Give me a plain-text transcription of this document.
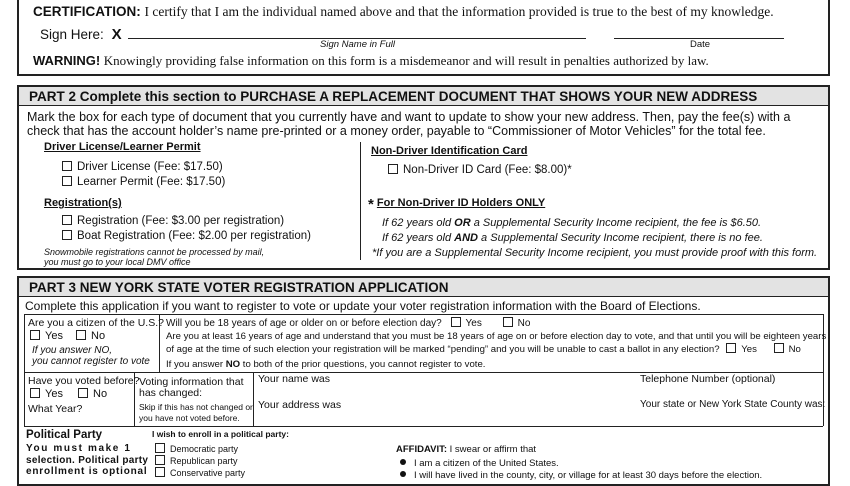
CERTIFICATION: I certify that I am the individual named above and that the information provided is true to the best of my knowledge.
Sign Here: X
Sign Name in Full	Date
WARNING! Knowingly providing false information on this form is a misdemeanor and will result in penalties authorized by law.
PART 2 Complete this section to PURCHASE A REPLACEMENT DOCUMENT THAT SHOWS YOUR NEW ADDRESS
Mark the box for each type of document that you currently have and want to update to show your new address. Then, pay the fee(s) with a
check that has the account holder’s name pre-printed or a money order, payable to “Commissioner of Motor Vehicles” for the total fee.
Driver License/Learner Permit
Driver License (Fee: $17.50)
Learner Permit (Fee: $17.50)
Registration(s)
Registration (Fee: $3.00 per registration)
Boat Registration (Fee: $2.00 per registration)
Snowmobile registrations cannot be processed by mail,
you must go to your local DMV office
Non-Driver Identification Card
Non-Driver ID Card (Fee: $8.00)*
* For Non-Driver ID Holders ONLY
If 62 years old OR a Supplemental Security Income recipient, the fee is $6.50.
If 62 years old AND a Supplemental Security Income recipient, there is no fee.
*If you are a Supplemental Security Income recipient, you must provide proof with this form.
PART 3 NEW YORK STATE VOTER REGISTRATION APPLICATION
Complete this application if you want to register to vote or update your voter registration information with the Board of Elections.
Are you a citizen of the U.S.?
Yes	No
If you answer NO,
you cannot register to vote
Will you be 18 years of age or older on or before election day? Yes	No
Are you at least 16 years of age and understand that you must be 18 years of age on or before election day to vote, and that until you will be eighteen years
of age at the time of such election your registration will be marked “pending” and you will be unable to cast a ballot in any election? Yes	No
If you answer NO to both of the prior questions, you cannot register to vote.
Have you voted before?
Yes	No
What Year?
Voting information that
has changed:
Skip if this has not changed or
you have not voted before.
Your name was	Telephone Number (optional)
Your address was	Your state or New York State County was:
Political Party
You must make 1
selection. Political party
enrollment is optional
I wish to enroll in a political party:
Democratic party
Republican party
Conservative party
AFFIDAVIT: I swear or affirm that
I am a citizen of the United States.
I will have lived in the county, city, or village for at least 30 days before the election.
